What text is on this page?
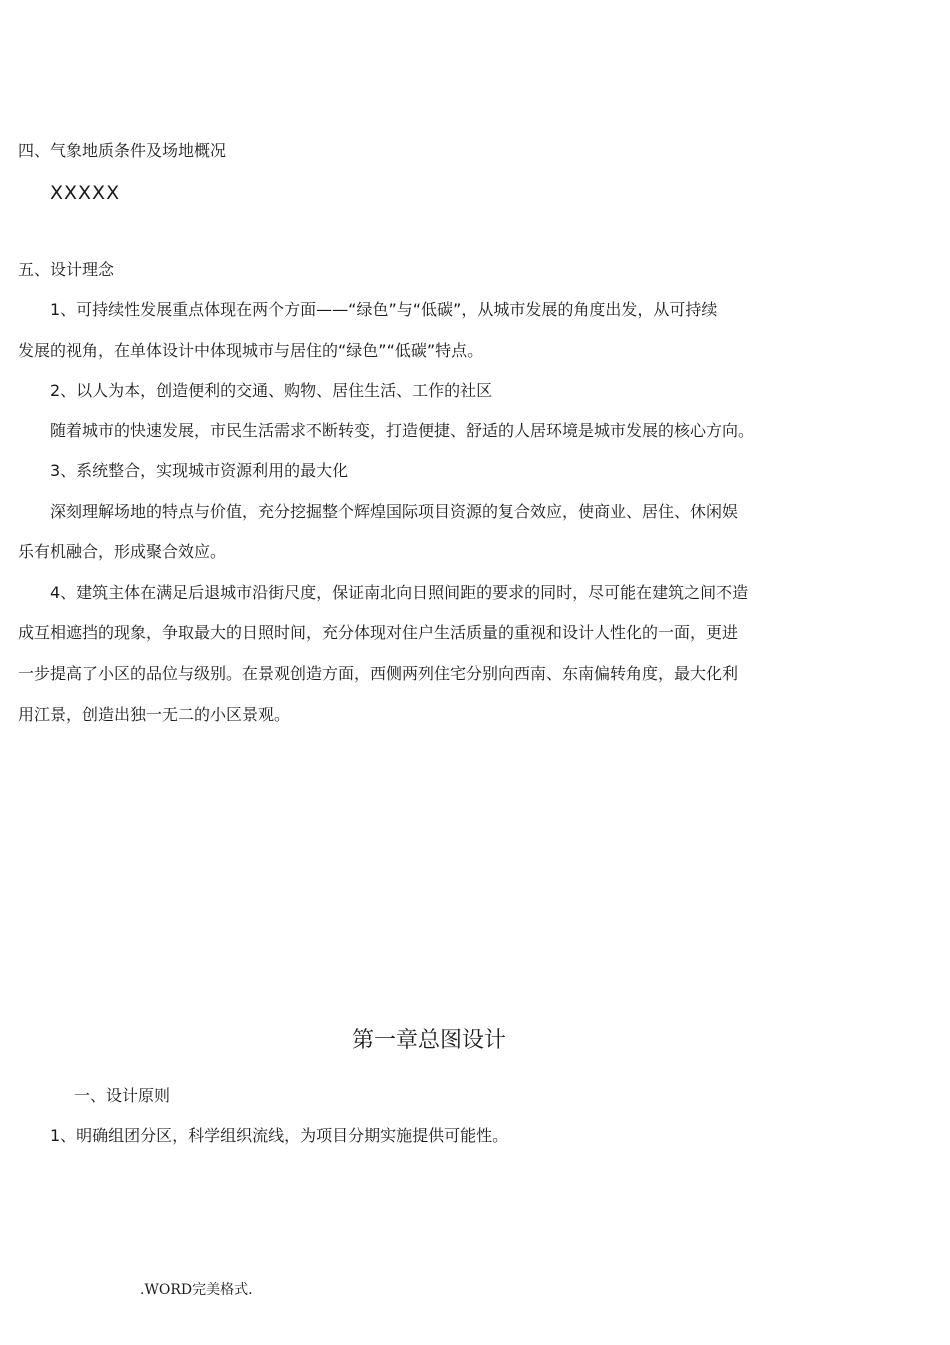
四、气象地质条件及场地概况
XXXXX
五、设计理念
1、可持续性发展重点体现在两个方面——“绿色”与“低碳”，从城市发展的角度出发，从可持续
发展的视角，在单体设计中体现城市与居住的“绿色”“低碳”特点。
2、以人为本，创造便利的交通、购物、居住生活、工作的社区
随着城市的快速发展，市民生活需求不断转变，打造便捷、舒适的人居环境是城市发展的核心方向。
3、系统整合，实现城市资源利用的最大化
深刻理解场地的特点与价值，充分挖掘整个辉煌国际项目资源的复合效应，使商业、居住、休闲娱
乐有机融合，形成聚合效应。
4、建筑主体在满足后退城市沿街尺度，保证南北向日照间距的要求的同时，尽可能在建筑之间不造
成互相遮挡的现象，争取最大的日照时间，充分体现对住户生活质量的重视和设计人性化的一面，更进
一步提高了小区的品位与级别。在景观创造方面，西侧两列住宅分别向西南、东南偏转角度，最大化利
用江景，创造出独一无二的小区景观。
第一章总图设计
一、设计原则
1、明确组团分区，科学组织流线，为项目分期实施提供可能性。
.WORD完美格式.
